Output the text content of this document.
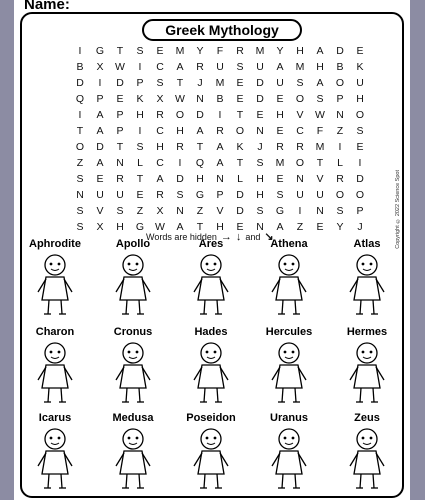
Name:
Greek Mythology
I	G	T	S	E	M	Y	F	R	M	Y	H	A	D	E
B	X	W	I	C	A	R	U	S	U	A	M	H	B	K
D	I	D	P	S	T	J	M	E	D	U	S	A	O	U
Q	P	E	K	X	W	N	B	E	D	E	O	S	P	H
I	A	P	H	R	O	D	I	T	E	H	V	W	N	O
T	A	P	I	C	H	A	R	O	N	E	C	F	Z	S
O	D	T	S	H	R	T	A	K	J	R	R	M	I	E
Z	A	N	L	C	I	Q	A	T	S	M	O	T	L	I
S	E	R	T	A	D	H	N	L	H	E	N	V	R	D
N	U	U	E	R	S	G	P	D	H	S	U	U	O	O
S	V	S	Z	X	N	Z	V	D	S	G	I	N	S	P
S	X	H	G	W	A	T	H	E	N	A	Z	E	Y	J	Copyright © 2022 Science Spot
Words are hidden → ↓ and ↘
Aphrodite	Apollo	Ares	Athena	Atlas
Charon	Cronus	Hades	Hercules	Hermes
Icarus	Medusa	Poseidon	Uranus	Zeus
